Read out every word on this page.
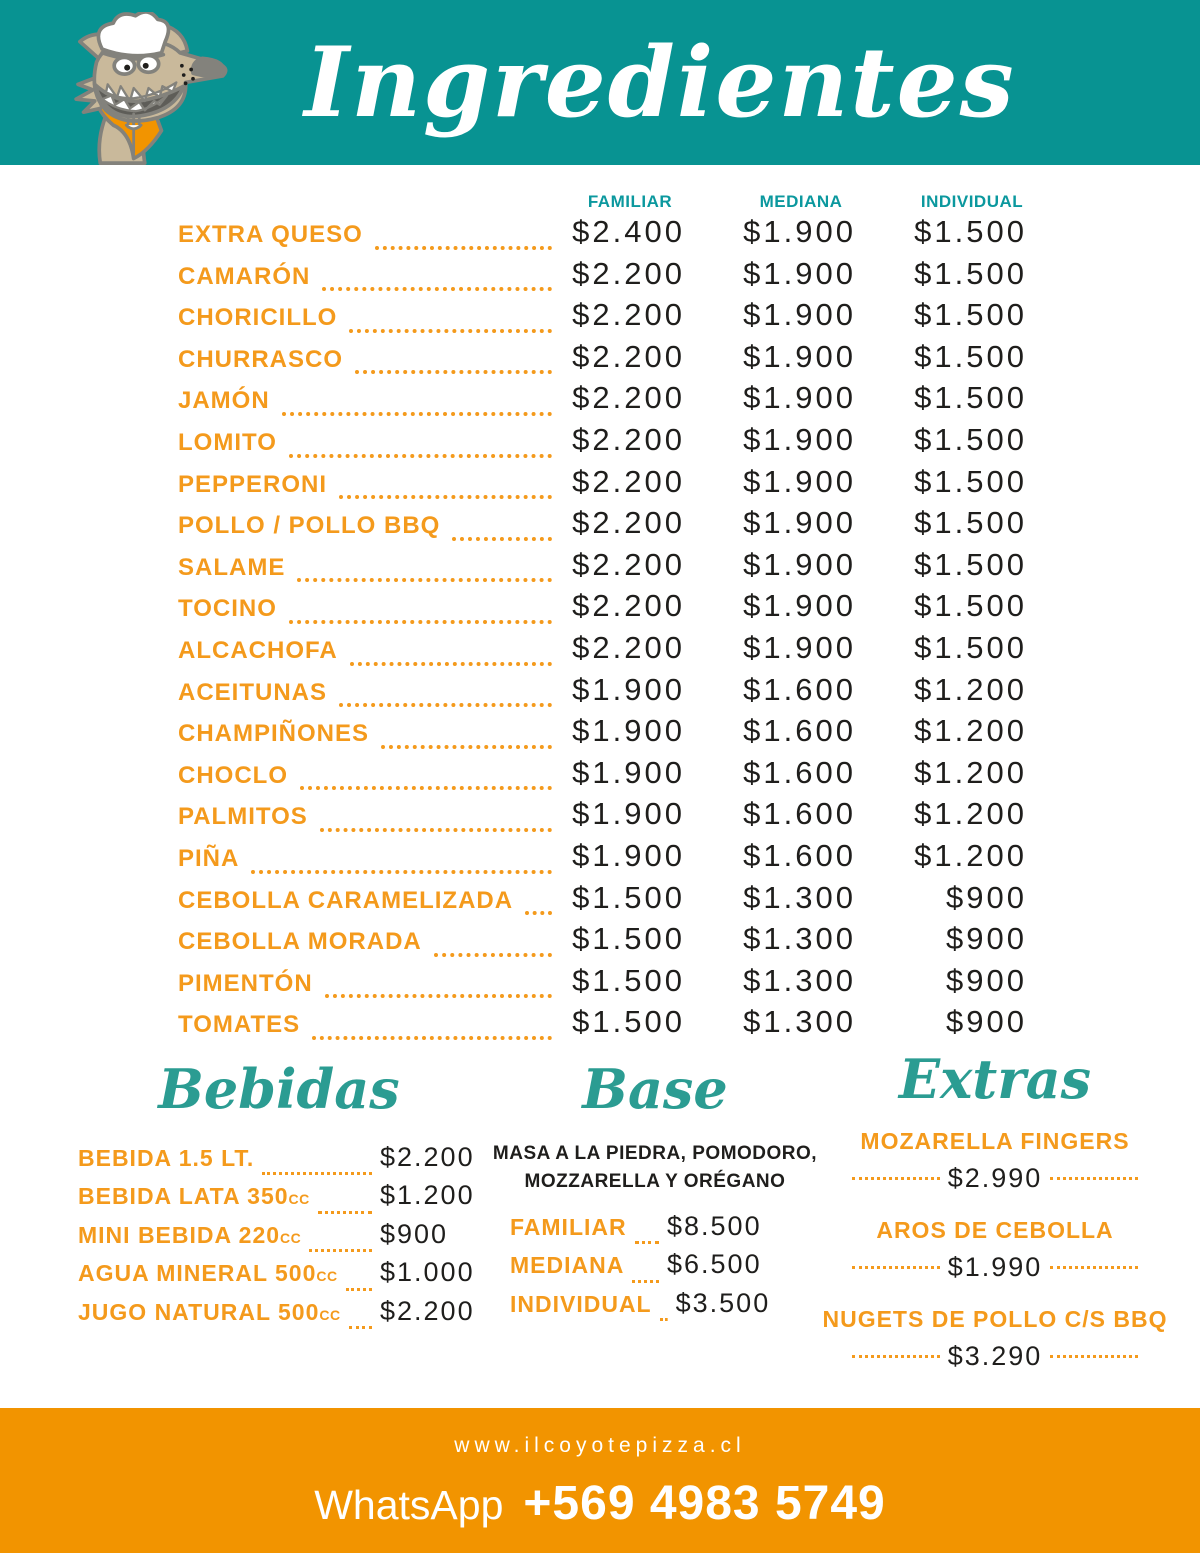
Ingredientes
FAMILIAR	MEDIANA	INDIVIDUAL
EXTRA QUESO	$2.400	$1.900	$1.500
CAMARÓN	$2.200	$1.900	$1.500
CHORICILLO	$2.200	$1.900	$1.500
CHURRASCO	$2.200	$1.900	$1.500
JAMÓN	$2.200	$1.900	$1.500
LOMITO	$2.200	$1.900	$1.500
PEPPERONI	$2.200	$1.900	$1.500
POLLO / POLLO BBQ	$2.200	$1.900	$1.500
SALAME	$2.200	$1.900	$1.500
TOCINO	$2.200	$1.900	$1.500
ALCACHOFA	$2.200	$1.900	$1.500
ACEITUNAS	$1.900	$1.600	$1.200
CHAMPIÑONES	$1.900	$1.600	$1.200
CHOCLO	$1.900	$1.600	$1.200
PALMITOS	$1.900	$1.600	$1.200
PIÑA	$1.900	$1.600	$1.200
CEBOLLA CARAMELIZADA	$1.500	$1.300	$900
CEBOLLA MORADA	$1.500	$1.300	$900
PIMENTÓN	$1.500	$1.300	$900
TOMATES	$1.500	$1.300	$900
Bebidas
BEBIDA 1.5 LT.	$2.200
BEBIDA LATA 350CC	$1.200
MINI BEBIDA 220CC	$900
AGUA MINERAL 500CC $1.000
JUGO NATURAL 500CC $2.200
Base
MASA A LA PIEDRA, POMODORO,
MOZZARELLA Y ORÉGANO
FAMILIAR $8.500
MEDIANA $6.500
INDIVIDUAL $3.500
Extras
MOZARELLA FINGERS
$2.990
AROS DE CEBOLLA
$1.990
NUGETS DE POLLO C/S BBQ
$3.290
www.ilcoyotepizza.cl
WhatsApp +569 4983 5749
